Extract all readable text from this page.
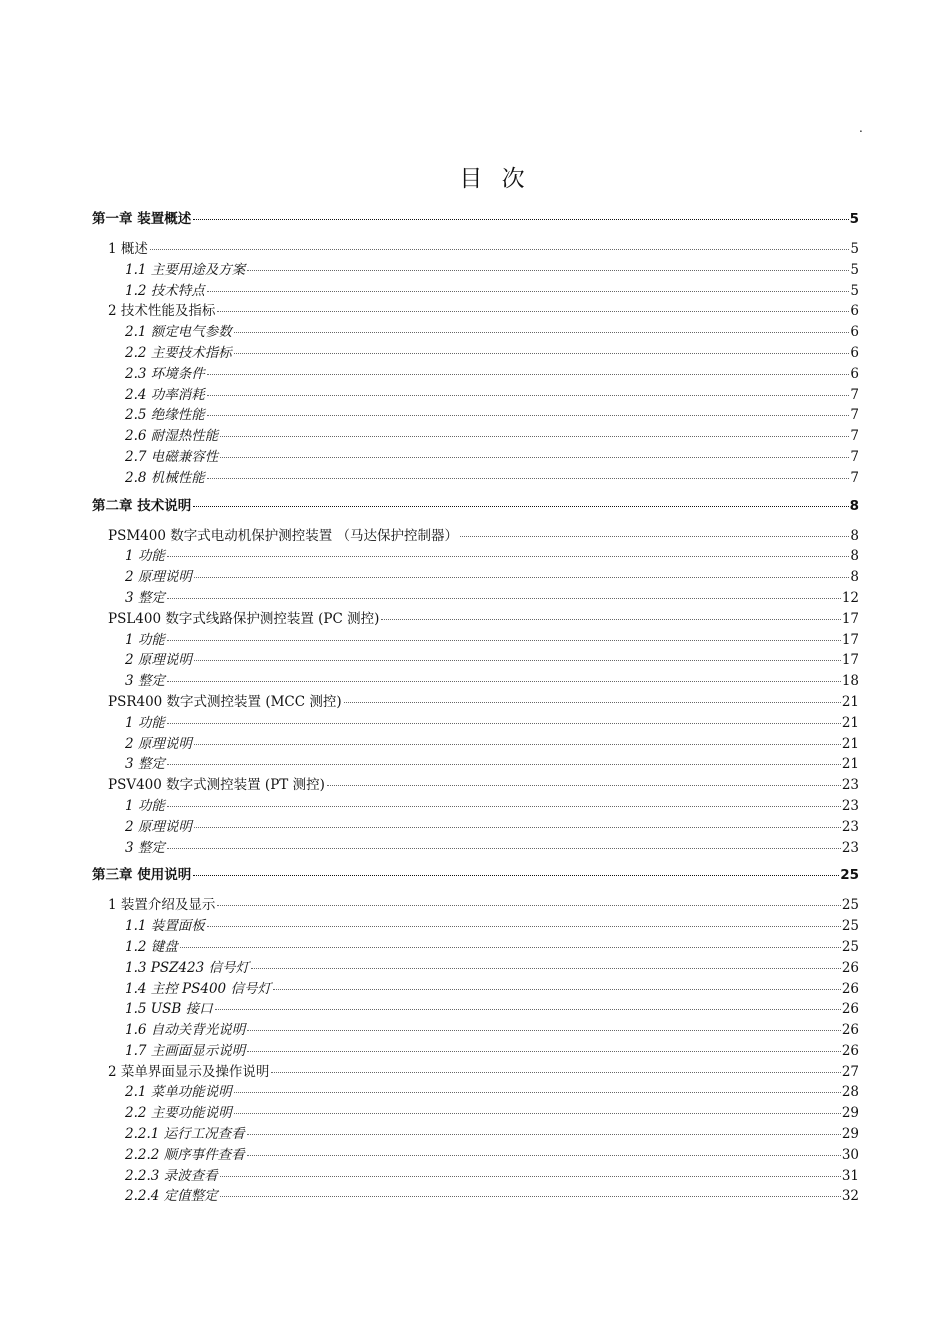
.
目 次
第一章 装置概述	5
1 概述	5
1.1 主要用途及方案	5
1.2 技术特点	5
2 技术性能及指标	6
2.1 额定电气参数	6
2.2 主要技术指标	6
2.3 环境条件	6
2.4 功率消耗	7
2.5 绝缘性能	7
2.6 耐湿热性能	7
2.7 电磁兼容性	7
2.8 机械性能	7
第二章 技术说明	8
PSM400 数字式电动机保护测控装置 （马达保护控制器）	8
1 功能	8
2 原理说明	8
3 整定	12
PSL400 数字式线路保护测控装置 (PC 测控)	17
1 功能	17
2 原理说明	17
3 整定	18
PSR400 数字式测控装置 (MCC 测控)	21
1 功能	21
2 原理说明	21
3 整定	21
PSV400 数字式测控装置 (PT 测控)	23
1 功能	23
2 原理说明	23
3 整定	23
第三章 使用说明	25
1 装置介绍及显示	25
1.1 装置面板	25
1.2 键盘	25
1.3 PSZ423 信号灯	26
1.4 主控 PS400 信号灯	26
1.5 USB 接口	26
1.6 自动关背光说明	26
1.7 主画面显示说明	26
2 菜单界面显示及操作说明	27
2.1 菜单功能说明	28
2.2 主要功能说明	29
2.2.1 运行工况查看	29
2.2.2 顺序事件查看	30
2.2.3 录波查看	31
2.2.4 定值整定	32
